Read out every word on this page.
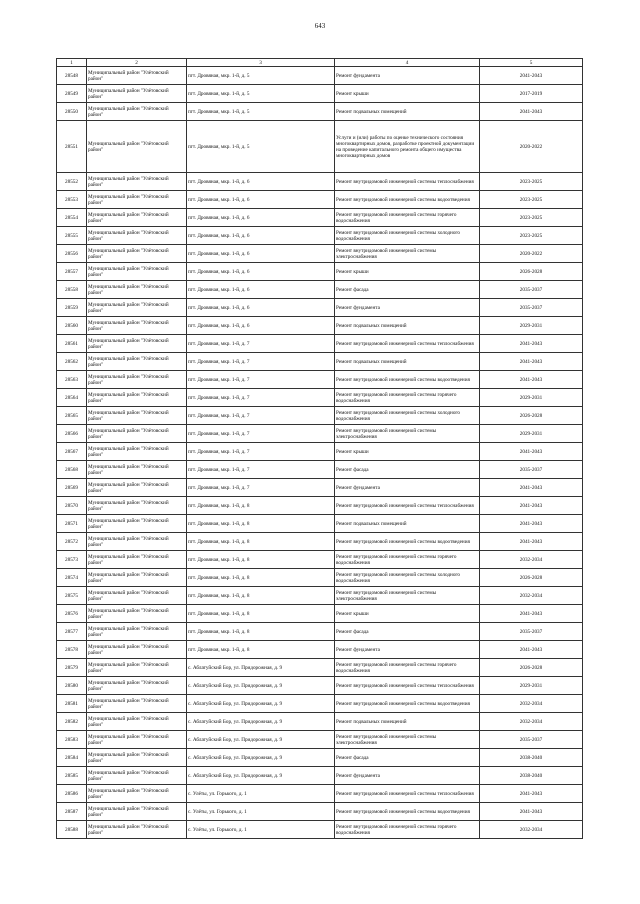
643
1	2	3	4	5
28548	Муниципальный район "Улётовский район"	пгт. Дровяная, мкр. 1-й, д. 5	Ремонт фундамента	2041-2043
28549	Муниципальный район "Улётовский район"	пгт. Дровяная, мкр. 1-й, д. 5	Ремонт крыши	2017-2019
28550	Муниципальный район "Улётовский район"	пгт. Дровяная, мкр. 1-й, д. 5	Ремонт подвальных помещений	2041-2043
28551	Муниципальный район "Улётовский район"	пгт. Дровяная, мкр. 1-й, д. 5	Услуги и (или) работы по оценке технического состояния многоквартирных домов, разработке проектной документации на проведение капитального ремонта общего имущества многоквартирных домов	2020-2022
28552	Муниципальный район "Улётовский район"	пгт. Дровяная, мкр. 1-й, д. 6	Ремонт внутридомовой инженерной системы теплоснабжения	2023-2025
28553	Муниципальный район "Улётовский район"	пгт. Дровяная, мкр. 1-й, д. 6	Ремонт внутридомовой инженерной системы водоотведения	2023-2025
28554	Муниципальный район "Улётовский район"	пгт. Дровяная, мкр. 1-й, д. 6	Ремонт внутридомовой инженерной системы горячего водоснабжения	2023-2025
28555	Муниципальный район "Улётовский район"	пгт. Дровяная, мкр. 1-й, д. 6	Ремонт внутридомовой инженерной системы холодного водоснабжения	2023-2025
28556	Муниципальный район "Улётовский район"	пгт. Дровяная, мкр. 1-й, д. 6	Ремонт внутридомовой инженерной системы электроснабжения	2020-2022
28557	Муниципальный район "Улётовский район"	пгт. Дровяная, мкр. 1-й, д. 6	Ремонт крыши	2026-2028
28558	Муниципальный район "Улётовский район"	пгт. Дровяная, мкр. 1-й, д. 6	Ремонт фасада	2035-2037
28559	Муниципальный район "Улётовский район"	пгт. Дровяная, мкр. 1-й, д. 6	Ремонт фундамента	2035-2037
28560	Муниципальный район "Улётовский район"	пгт. Дровяная, мкр. 1-й, д. 6	Ремонт подвальных помещений	2029-2031
28561	Муниципальный район "Улётовский район"	пгт. Дровяная, мкр. 1-й, д. 7	Ремонт внутридомовой инженерной системы теплоснабжения	2041-2043
28562	Муниципальный район "Улётовский район"	пгт. Дровяная, мкр. 1-й, д. 7	Ремонт подвальных помещений	2041-2043
28563	Муниципальный район "Улётовский район"	пгт. Дровяная, мкр. 1-й, д. 7	Ремонт внутридомовой инженерной системы водоотведения	2041-2043
28564	Муниципальный район "Улётовский район"	пгт. Дровяная, мкр. 1-й, д. 7	Ремонт внутридомовой инженерной системы горячего водоснабжения	2029-2031
28565	Муниципальный район "Улётовский район"	пгт. Дровяная, мкр. 1-й, д. 7	Ремонт внутридомовой инженерной системы холодного водоснабжения	2026-2028
28566	Муниципальный район "Улётовский район"	пгт. Дровяная, мкр. 1-й, д. 7	Ремонт внутридомовой инженерной системы электроснабжения	2029-2031
28567	Муниципальный район "Улётовский район"	пгт. Дровяная, мкр. 1-й, д. 7	Ремонт крыши	2041-2043
28568	Муниципальный район "Улётовский район"	пгт. Дровяная, мкр. 1-й, д. 7	Ремонт фасада	2035-2037
28569	Муниципальный район "Улётовский район"	пгт. Дровяная, мкр. 1-й, д. 7	Ремонт фундамента	2041-2043
28570	Муниципальный район "Улётовский район"	пгт. Дровяная, мкр. 1-й, д. 8	Ремонт внутридомовой инженерной системы теплоснабжения	2041-2043
28571	Муниципальный район "Улётовский район"	пгт. Дровяная, мкр. 1-й, д. 8	Ремонт подвальных помещений	2041-2043
28572	Муниципальный район "Улётовский район"	пгт. Дровяная, мкр. 1-й, д. 8	Ремонт внутридомовой инженерной системы водоотведения	2041-2043
28573	Муниципальный район "Улётовский район"	пгт. Дровяная, мкр. 1-й, д. 8	Ремонт внутридомовой инженерной системы горячего водоснабжения	2032-2034
28574	Муниципальный район "Улётовский район"	пгт. Дровяная, мкр. 1-й, д. 8	Ремонт внутридомовой инженерной системы холодного водоснабжения	2026-2028
28575	Муниципальный район "Улётовский район"	пгт. Дровяная, мкр. 1-й, д. 8	Ремонт внутридомовой инженерной системы электроснабжения	2032-2034
28576	Муниципальный район "Улётовский район"	пгт. Дровяная, мкр. 1-й, д. 8	Ремонт крыши	2041-2043
28577	Муниципальный район "Улётовский район"	пгт. Дровяная, мкр. 1-й, д. 8	Ремонт фасада	2035-2037
28578	Муниципальный район "Улётовский район"	пгт. Дровяная, мкр. 1-й, д. 8	Ремонт фундамента	2041-2043
28579	Муниципальный район "Улётовский район"	с. Аблатуйский Бор, ул. Придорожная, д. 9	Ремонт внутридомовой инженерной системы горячего водоснабжения	2026-2028
28580	Муниципальный район "Улётовский район"	с. Аблатуйский Бор, ул. Придорожная, д. 9	Ремонт внутридомовой инженерной системы теплоснабжения	2029-2031
28581	Муниципальный район "Улётовский район"	с. Аблатуйский Бор, ул. Придорожная, д. 9	Ремонт внутридомовой инженерной системы водоотведения	2032-2034
28582	Муниципальный район "Улётовский район"	с. Аблатуйский Бор, ул. Придорожная, д. 9	Ремонт подвальных помещений	2032-2034
28583	Муниципальный район "Улётовский район"	с. Аблатуйский Бор, ул. Придорожная, д. 9	Ремонт внутридомовой инженерной системы электроснабжения	2035-2037
28584	Муниципальный район "Улётовский район"	с. Аблатуйский Бор, ул. Придорожная, д. 9	Ремонт фасада	2038-2040
28585	Муниципальный район "Улётовский район"	с. Аблатуйский Бор, ул. Придорожная, д. 9	Ремонт фундамента	2038-2040
28586	Муниципальный район "Улётовский район"	с. Улёты, ул. Горького, д. 1	Ремонт внутридомовой инженерной системы теплоснабжения	2041-2043
28587	Муниципальный район "Улётовский район"	с. Улёты, ул. Горького, д. 1	Ремонт внутридомовой инженерной системы водоотведения	2041-2043
28588	Муниципальный район "Улётовский район"	с. Улёты, ул. Горького, д. 1	Ремонт внутридомовой инженерной системы горячего водоснабжения	2032-2034
